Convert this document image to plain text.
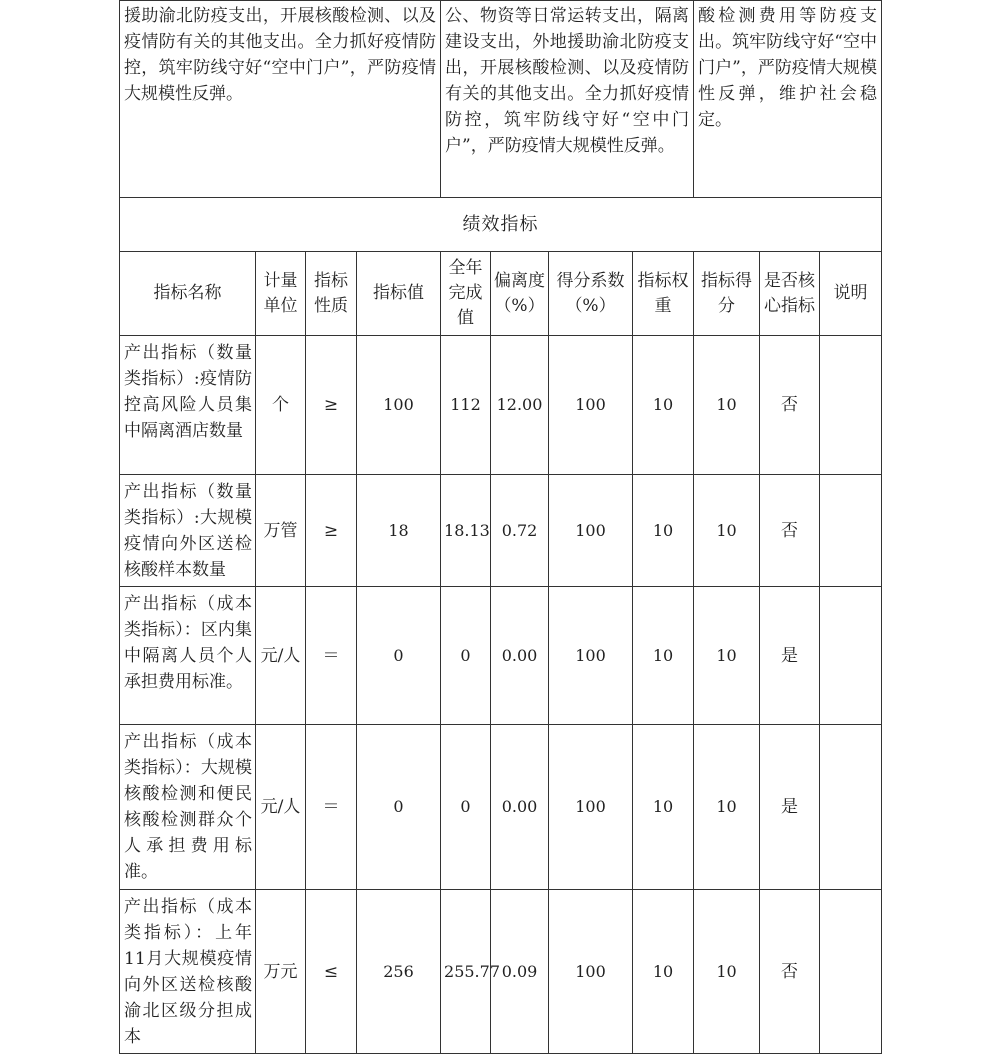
援助渝北防疫支出，开展核酸检测、以及疫情防有关的其他支出。全力抓好疫情防控，筑牢防线守好“空中门户”，严防疫情大规模性反弹。				公、物资等日常运转支出，隔离建设支出，外地援助渝北防疫支出，开展核酸检测、以及疫情防有关的其他支出。全力抓好疫情防控，筑牢防线守好“空中门户”，严防疫情大规模性反弹。				酸检测费用等防疫支出。筑牢防线守好“空中门户”，严防疫情大规模性反弹，维护社会稳定。		
绩效指标										
指标名称	计量单位	指标性质	指标值	全年完成值	偏离度（%）	得分系数（%）	指标权重	指标得分	是否核心指标	说明
产出指标（数量类指标）:疫情防控高风险人员集中隔离酒店数量	个	≥	100	112	12.00	100	10	10	否	
产出指标（数量类指标）:大规模疫情向外区送检核酸样本数量	万管	≥	18	18.13	0.72	100	10	10	否	
产出指标（成本类指标）：区内集中隔离人员个人承担费用标准。	元/人	＝	0	0	0.00	100	10	10	是	
产出指标（成本类指标）：大规模核酸检测和便民核酸检测群众个人承担费用标准。	元/人	＝	0	0	0.00	100	10	10	是	
产出指标（成本类指标）：上年11月大规模疫情向外区送检核酸渝北区级分担成本	万元	≤	256	255.77	0.09	100	10	10	否	
